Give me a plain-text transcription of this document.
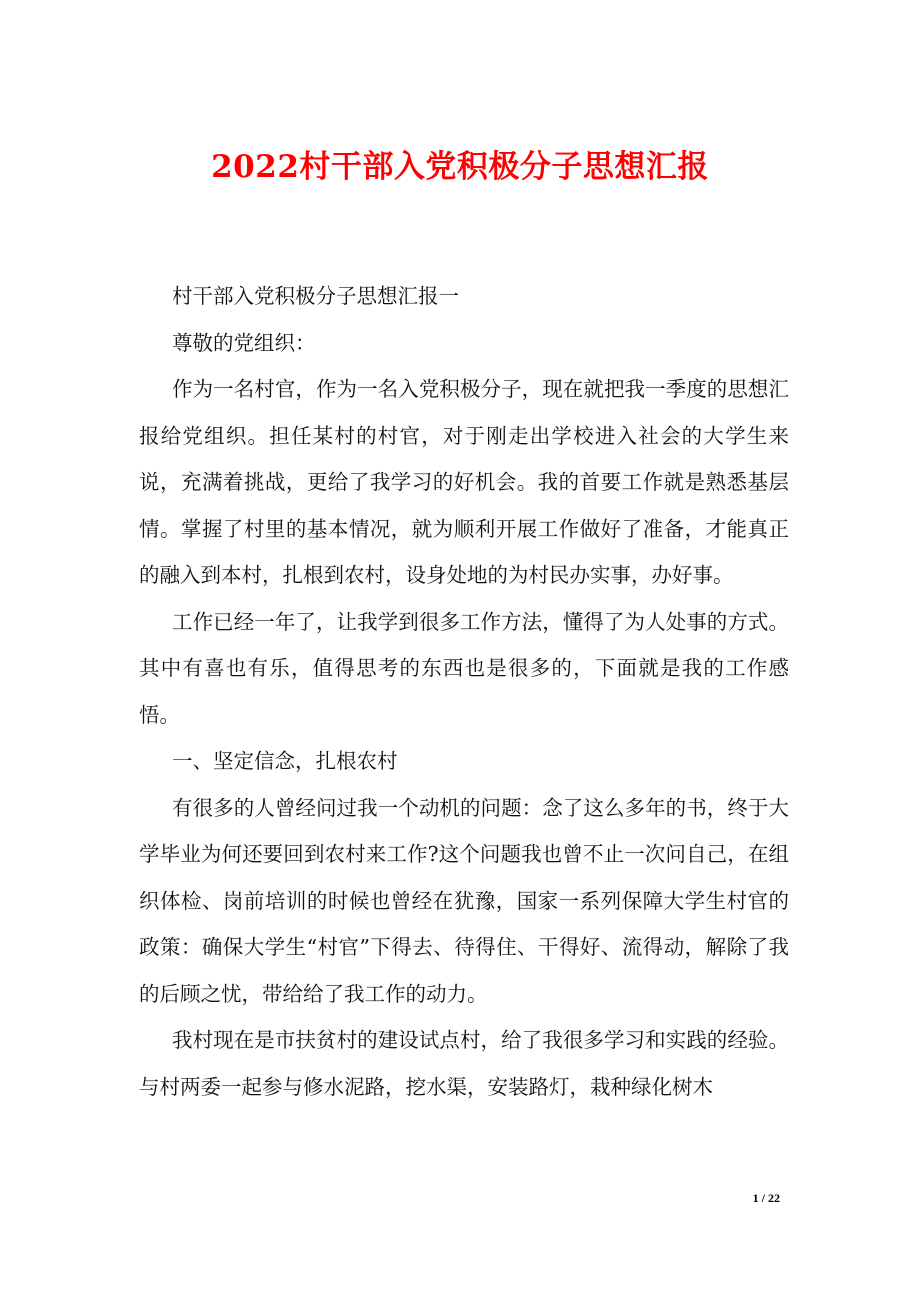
2022村干部入党积极分子思想汇报

村干部入党积极分子思想汇报一

尊敬的党组织：

作为一名村官，作为一名入党积极分子，现在就把我一季度的思想汇报给党组织。担任某村的村官，对于刚走出学校进入社会的大学生来说，充满着挑战，更给了我学习的好机会。我的首要工作就是熟悉基层情。掌握了村里的基本情况，就为顺利开展工作做好了准备，才能真正的融入到本村，扎根到农村，设身处地的为村民办实事，办好事。

工作已经一年了，让我学到很多工作方法，懂得了为人处事的方式。其中有喜也有乐，值得思考的东西也是很多的，下面就是我的工作感悟。

一、坚定信念，扎根农村

有很多的人曾经问过我一个动机的问题：念了这么多年的书，终于大学毕业为何还要回到农村来工作?这个问题我也曾不止一次问自己，在组织体检、岗前培训的时候也曾经在犹豫，国家一系列保障大学生村官的政策：确保大学生“村官”下得去、待得住、干得好、流得动，解除了我的后顾之忧，带给给了我工作的动力。

我村现在是市扶贫村的建设试点村，给了我很多学习和实践的经验。与村两委一起参与修水泥路，挖水渠，安装路灯，栽种绿化树木

1 / 22
